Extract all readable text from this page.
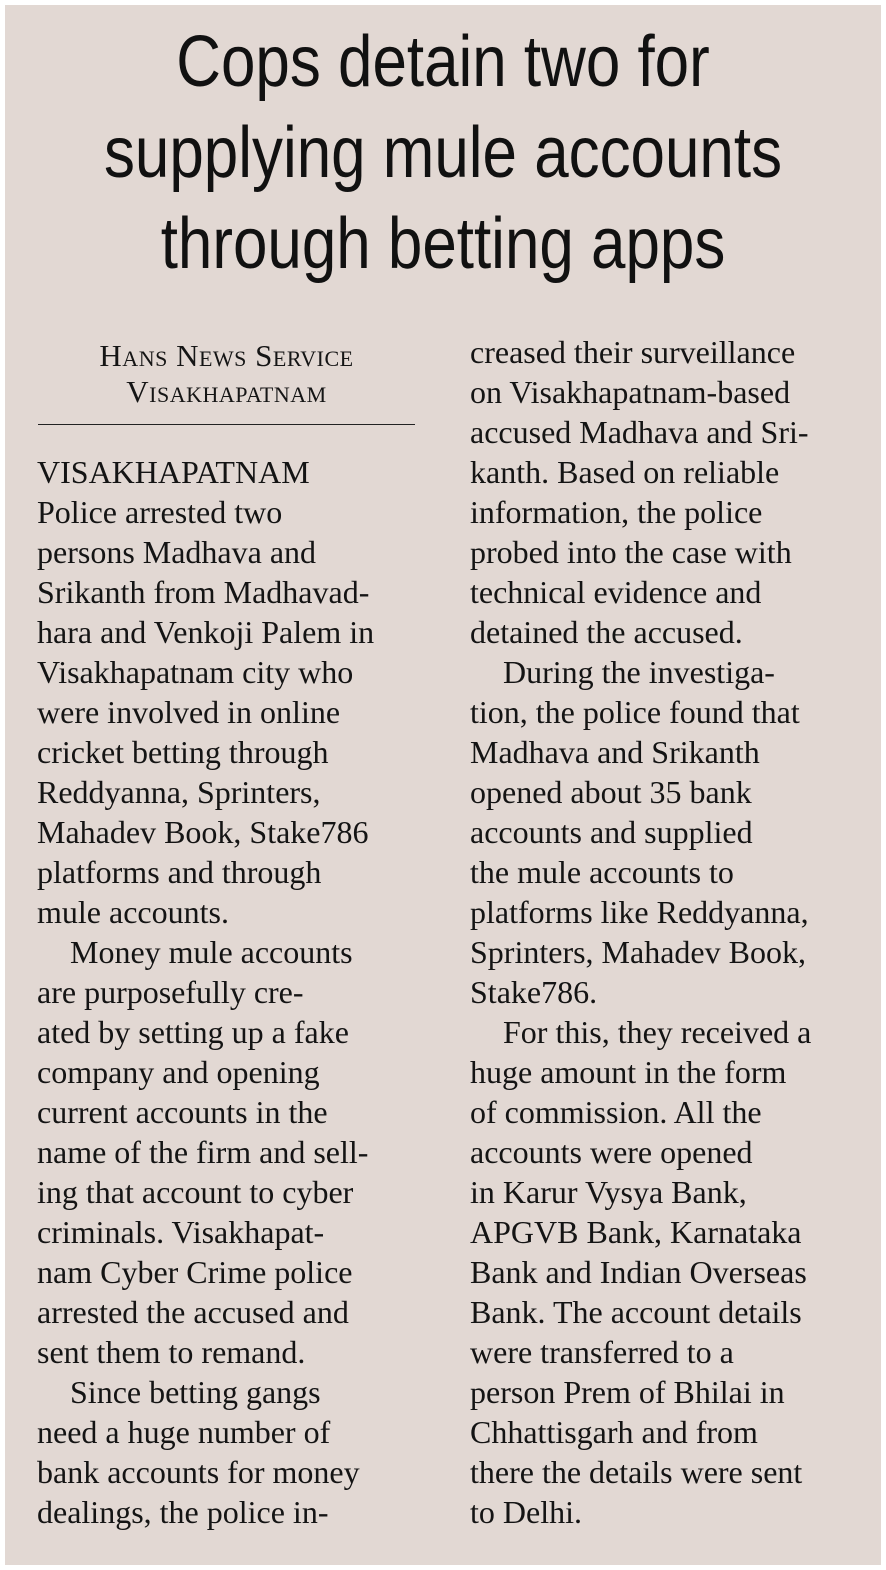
Cops detain two for
supplying mule accounts
through betting apps
Hans News Service
Visakhapatnam
VISAKHAPATNAM
Police arrested two
persons Madhava and
Srikanth from Madhavad-
hara and Venkoji Palem in
Visakhapatnam city who
were involved in online
cricket betting through
Reddyanna, Sprinters,
Mahadev Book, Stake786
platforms and through
mule accounts.
Money mule accounts
are purposefully cre-
ated by setting up a fake
company and opening
current accounts in the
name of the firm and sell-
ing that account to cyber
criminals. Visakhapat-
nam Cyber Crime police
arrested the accused and
sent them to remand.
Since betting gangs
need a huge number of
bank accounts for money
dealings, the police in-
creased their surveillance
on Visakhapatnam-based
accused Madhava and Sri-
kanth. Based on reliable
information, the police
probed into the case with
technical evidence and
detained the accused.
During the investiga-
tion, the police found that
Madhava and Srikanth
opened about 35 bank
accounts and supplied
the mule accounts to
platforms like Reddyanna,
Sprinters, Mahadev Book,
Stake786.
For this, they received a
huge amount in the form
of commission. All the
accounts were opened
in Karur Vysya Bank,
APGVB Bank, Karnataka
Bank and Indian Overseas
Bank. The account details
were transferred to a
person Prem of Bhilai in
Chhattisgarh and from
there the details were sent
to Delhi.
